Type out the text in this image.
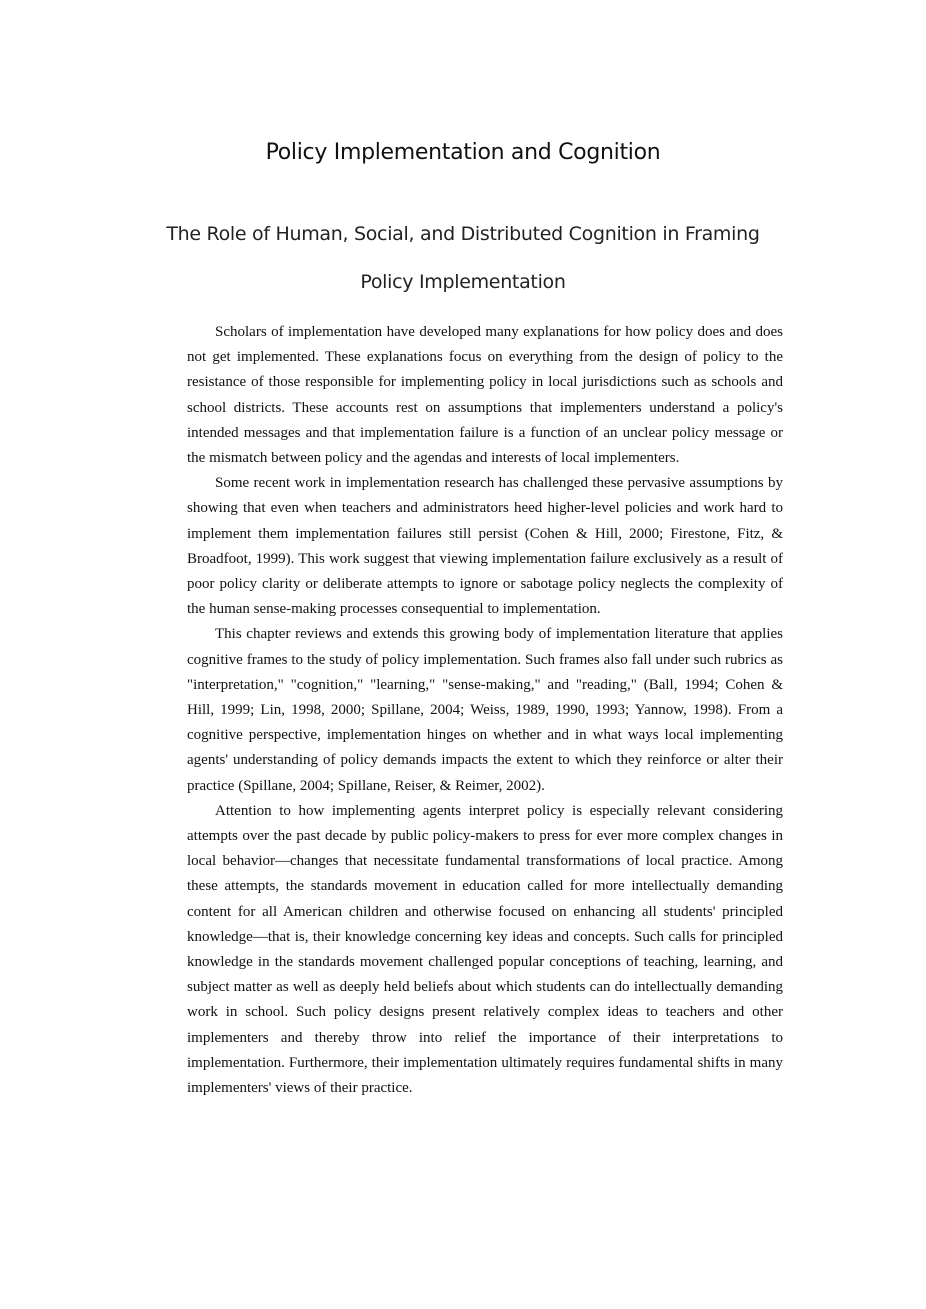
Policy Implementation and Cognition
The Role of Human, Social, and Distributed Cognition in Framing Policy Implementation

Scholars of implementation have developed many explanations for how policy does and does not get implemented. These explanations focus on everything from the design of policy to the resistance of those responsible for implementing policy in local jurisdictions such as schools and school districts. These accounts rest on assumptions that implementers understand a policy's intended messages and that implementation failure is a function of an unclear policy message or the mismatch between policy and the agendas and interests of local implementers.

Some recent work in implementation research has challenged these pervasive assumptions by showing that even when teachers and administrators heed higher-level policies and work hard to implement them implementation failures still persist (Cohen & Hill, 2000; Firestone, Fitz, & Broadfoot, 1999). This work suggest that viewing implementation failure exclusively as a result of poor policy clarity or deliberate attempts to ignore or sabotage policy neglects the complexity of the human sense-making processes consequential to implementation.

This chapter reviews and extends this growing body of implementation literature that applies cognitive frames to the study of policy implementation. Such frames also fall under such rubrics as "interpretation," "cognition," "learning," "sense-making," and "reading," (Ball, 1994; Cohen & Hill, 1999; Lin, 1998, 2000; Spillane, 2004; Weiss, 1989, 1990, 1993; Yannow, 1998). From a cognitive perspective, implementation hinges on whether and in what ways local implementing agents' understanding of policy demands impacts the extent to which they reinforce or alter their practice (Spillane, 2004; Spillane, Reiser, & Reimer, 2002).

Attention to how implementing agents interpret policy is especially relevant considering attempts over the past decade by public policy-makers to press for ever more complex changes in local behavior—changes that necessitate fundamental transformations of local practice. Among these attempts, the standards movement in education called for more intellectually demanding content for all American children and otherwise focused on enhancing all students' principled knowledge—that is, their knowledge concerning key ideas and concepts. Such calls for principled knowledge in the standards movement challenged popular conceptions of teaching, learning, and subject matter as well as deeply held beliefs about which students can do intellectually demanding work in school. Such policy designs present relatively complex ideas to teachers and other implementers and thereby throw into relief the importance of their interpretations to implementation. Furthermore, their implementation ultimately requires fundamental shifts in many implementers' views of their practice.
